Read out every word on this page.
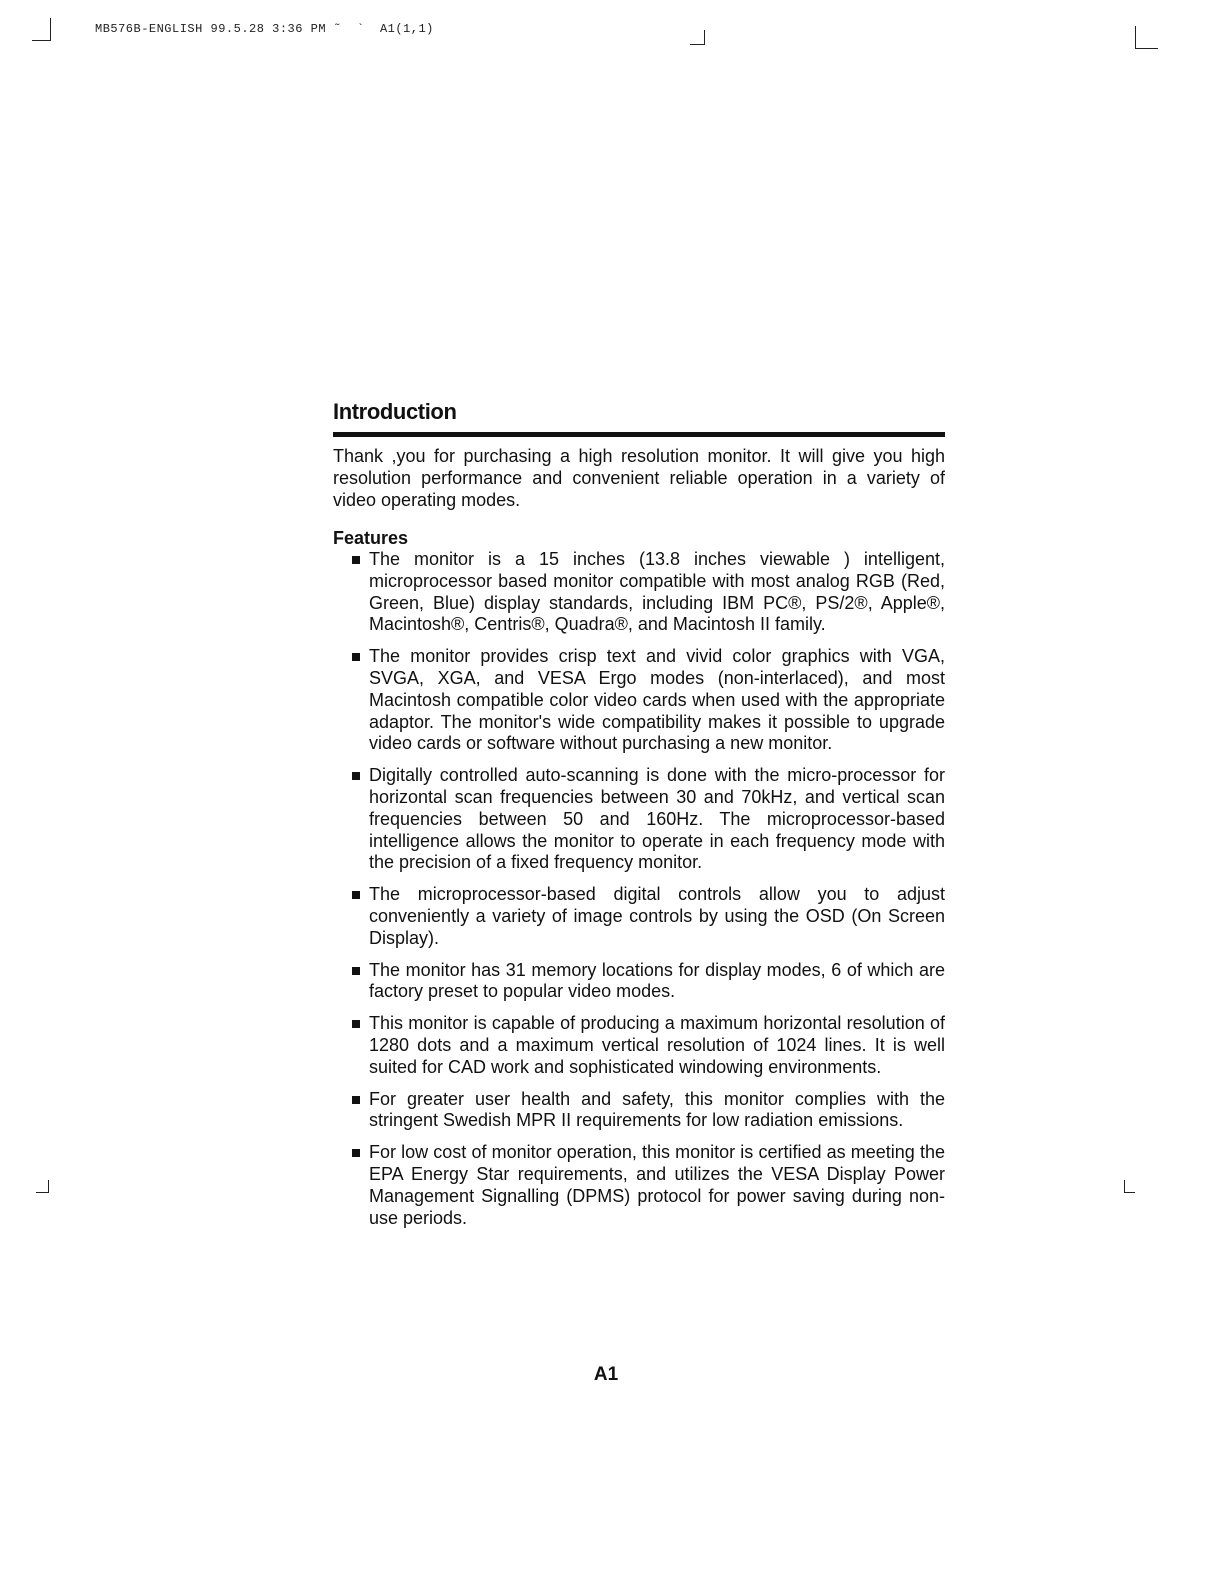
MB576B-ENGLISH 99.5.28 3:36 PM ˜  `  A1(1,1)
Introduction

Thank ,you for purchasing a high resolution monitor. It will give you high resolution performance and convenient reliable operation in a variety of video operating modes.

Features
The monitor is a 15 inches (13.8 inches viewable ) intelligent, microprocessor based monitor compatible with most analog RGB (Red, Green, Blue) display standards, including IBM PC®, PS/2®, Apple®, Macintosh®, Centris®, Quadra®, and Macintosh II family.
The monitor provides crisp text and vivid color graphics with VGA, SVGA, XGA, and VESA Ergo modes (non-interlaced), and most Macintosh compatible color video cards when used with the appropriate adaptor. The monitor's wide compatibility makes it possible to upgrade video cards or software without purchasing a new monitor.
Digitally controlled auto-scanning is done with the micro-processor for horizontal scan frequencies between 30 and 70kHz, and vertical scan frequencies between 50 and 160Hz. The microprocessor-based intelligence allows the monitor to operate in each frequency mode with the precision of a fixed frequency monitor.
The microprocessor-based digital controls allow you to adjust conveniently a variety of image controls by using the OSD (On Screen Display).
The monitor has 31 memory locations for display modes, 6 of which are factory preset to popular video modes.
This monitor is capable of producing a maximum horizontal resolution of 1280 dots and a maximum vertical resolution of 1024 lines. It is well suited for CAD work and sophisticated windowing environments.
For greater user health and safety, this monitor complies with the stringent Swedish MPR II requirements for low radiation emissions.
For low cost of monitor operation, this monitor is certified as meeting the EPA Energy Star requirements, and utilizes the VESA Display Power Management Signalling (DPMS) protocol for power saving during non-use periods.
A1
